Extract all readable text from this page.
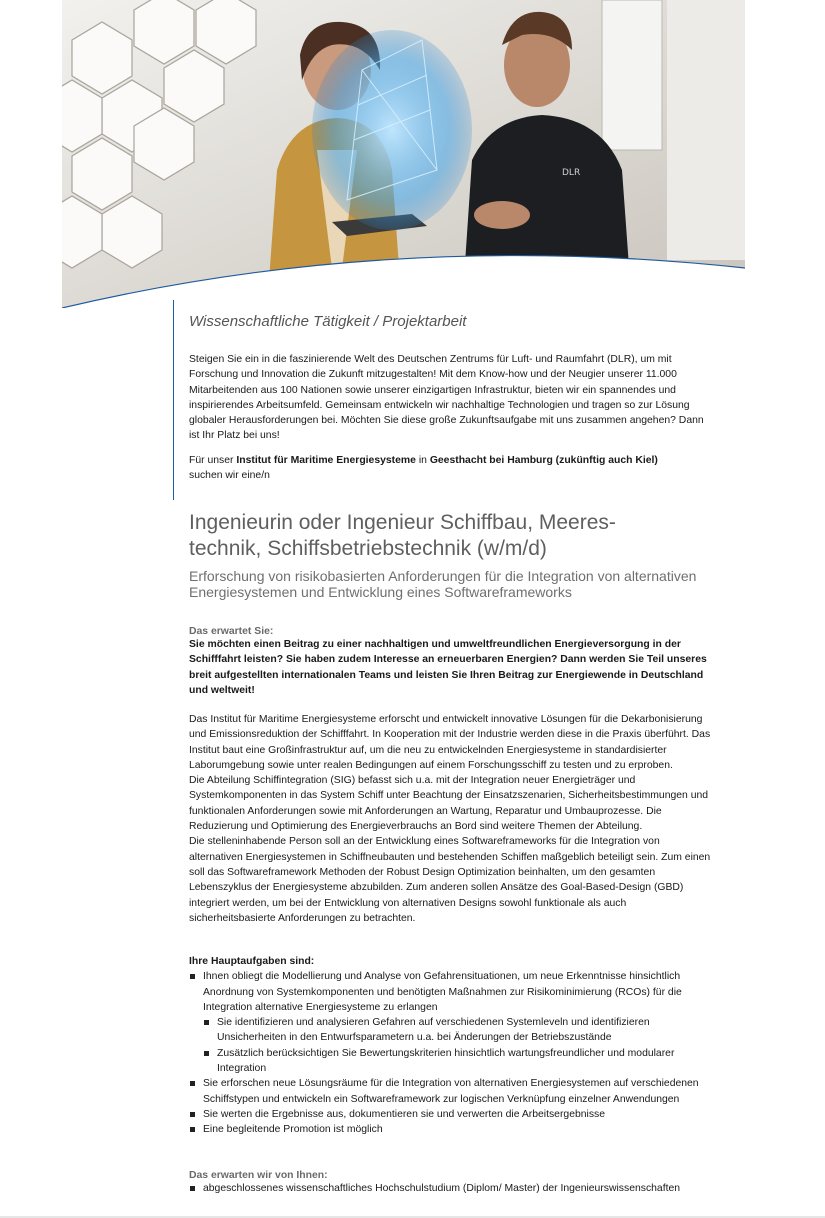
DLR
Wissenschaftliche Tätigkeit / Projektarbeit

Steigen Sie ein in die faszinierende Welt des Deutschen Zentrums für Luft- und Raumfahrt (DLR), um mit Forschung und Innovation die Zukunft mitzugestalten! Mit dem Know-how und der Neugier unserer 11.000 Mitarbeitenden aus 100 Nationen sowie unserer einzigartigen Infrastruktur, bieten wir ein spannendes und inspirierendes Arbeitsumfeld. Gemeinsam entwickeln wir nachhaltige Technologien und tragen so zur Lösung globaler Herausforderungen bei. Möchten Sie diese große Zukunftsaufgabe mit uns zusammen angehen? Dann ist Ihr Platz bei uns!

Für unser Institut für Maritime Energiesysteme in Geesthacht bei Hamburg (zukünftig auch Kiel)
suchen wir eine/n

Ingenieurin oder Ingenieur Schiffbau, Meeres-
technik, Schiffsbetriebstechnik (w/m/d)

Erforschung von risikobasierten Anforderungen für die Integration von alternativen Energiesystemen und Entwicklung eines Softwareframeworks

Das erwartet Sie:

Sie möchten einen Beitrag zu einer nachhaltigen und umweltfreundlichen Energieversorgung in der Schifffahrt leisten? Sie haben zudem Interesse an erneuerbaren Energien? Dann werden Sie Teil unseres breit aufgestellten internationalen Teams und leisten Sie Ihren Beitrag zur Energiewende in Deutschland und weltweit!

Das Institut für Maritime Energiesysteme erforscht und entwickelt innovative Lösungen für die Dekarbonisierung und Emissionsreduktion der Schifffahrt. In Kooperation mit der Industrie werden diese in die Praxis überführt. Das Institut baut eine Großinfrastruktur auf, um die neu zu entwickelnden Energiesysteme in standardisierter Laborumgebung sowie unter realen Bedingungen auf einem Forschungsschiff zu testen und zu erproben.

Die Abteilung Schiffintegration (SIG) befasst sich u.a. mit der Integration neuer Energieträger und Systemkomponenten in das System Schiff unter Beachtung der Einsatzszenarien, Sicherheitsbestimmungen und funktionalen Anforderungen sowie mit Anforderungen an Wartung, Reparatur und Umbauprozesse. Die Reduzierung und Optimierung des Energieverbrauchs an Bord sind weitere Themen der Abteilung.

Die stelleninhabende Person soll an der Entwicklung eines Softwareframeworks für die Integration von alternativen Energiesystemen in Schiffneubauten und bestehenden Schiffen maßgeblich beteiligt sein. Zum einen soll das Softwareframework Methoden der Robust Design Optimization beinhalten, um den gesamten Lebenszyklus der Energiesysteme abzubilden. Zum anderen sollen Ansätze des Goal-Based-Design (GBD) integriert werden, um bei der Entwicklung von alternativen Designs sowohl funktionale als auch sicherheitsbasierte Anforderungen zu betrachten.

Ihre Hauptaufgaben sind:
Ihnen obliegt die Modellierung und Analyse von Gefahrensituationen, um neue Erkenntnisse hinsichtlich Anordnung von Systemkomponenten und benötigten Maßnahmen zur Risikominimierung (RCOs) für die Integration alternative Energiesysteme zu erlangen
Sie identifizieren und analysieren Gefahren auf verschiedenen Systemleveln und identifizieren Unsicherheiten in den Entwurfsparametern u.a. bei Änderungen der Betriebszustände
Zusätzlich berücksichtigen Sie Bewertungskriterien hinsichtlich wartungsfreundlicher und modularer Integration
Sie erforschen neue Lösungsräume für die Integration von alternativen Energiesystemen auf verschiedenen Schiffstypen und entwickeln ein Softwareframework zur logischen Verknüpfung einzelner Anwendungen
Sie werten die Ergebnisse aus, dokumentieren sie und verwerten die Arbeitsergebnisse
Eine begleitende Promotion ist möglich
Das erwarten wir von Ihnen:
abgeschlossenes wissenschaftliches Hochschulstudium (Diplom/ Master) der Ingenieurswissenschaften
